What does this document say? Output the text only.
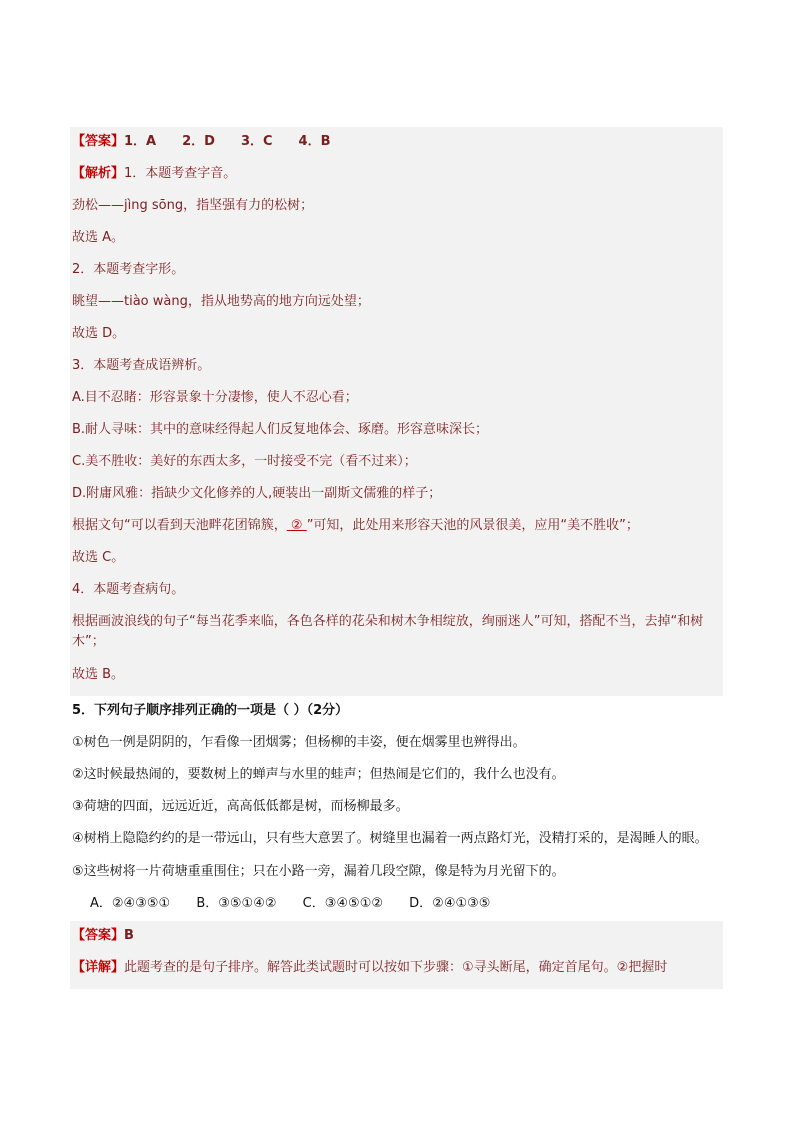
【答案】1．A　　2．D　　3．C　　4．B
【解析】1．本题考查字音。
劲松——jìng sōng，指坚强有力的松树；
故选 A。
2．本题考查字形。
眺望——tiào wàng，指从地势高的地方向远处望；
故选 D。
3．本题考查成语辨析。
A.目不忍睹：形容景象十分凄惨，使人不忍心看；
B.耐人寻味：其中的意味经得起人们反复地体会、琢磨。形容意味深长；
C.美不胜收：美好的东西太多，一时接受不完（看不过来）；
D.附庸风雅：指缺少文化修养的人,硬装出一副斯文儒雅的样子；
根据文句“可以看到天池畔花团锦簇， ② ”可知，此处用来形容天池的风景很美，应用“美不胜收”；
故选 C。
4．本题考查病句。
根据画波浪线的句子“每当花季来临，各色各样的花朵和树木争相绽放，绚丽迷人”可知，搭配不当，去掉“和树木”；
故选 B。
5．下列句子顺序排列正确的一项是（ ）（2分）
①树色一例是阴阴的，乍看像一团烟雾；但杨柳的丰姿，便在烟雾里也辨得出。
②这时候最热闹的，要数树上的蝉声与水里的蛙声；但热闹是它们的，我什么也没有。
③荷塘的四面，远远近近，高高低低都是树，而杨柳最多。
④树梢上隐隐约约的是一带远山，只有些大意罢了。树缝里也漏着一两点路灯光，没精打采的，是渴睡人的眼。
⑤这些树将一片荷塘重重围住；只在小路一旁，漏着几段空隙，像是特为月光留下的。
A．②④③⑤① B．③⑤①④② C．③④⑤①② D．②④①③⑤
【答案】B
【详解】此题考查的是句子排序。解答此类试题时可以按如下步骤：①寻头断尾，确定首尾句。②把握时
